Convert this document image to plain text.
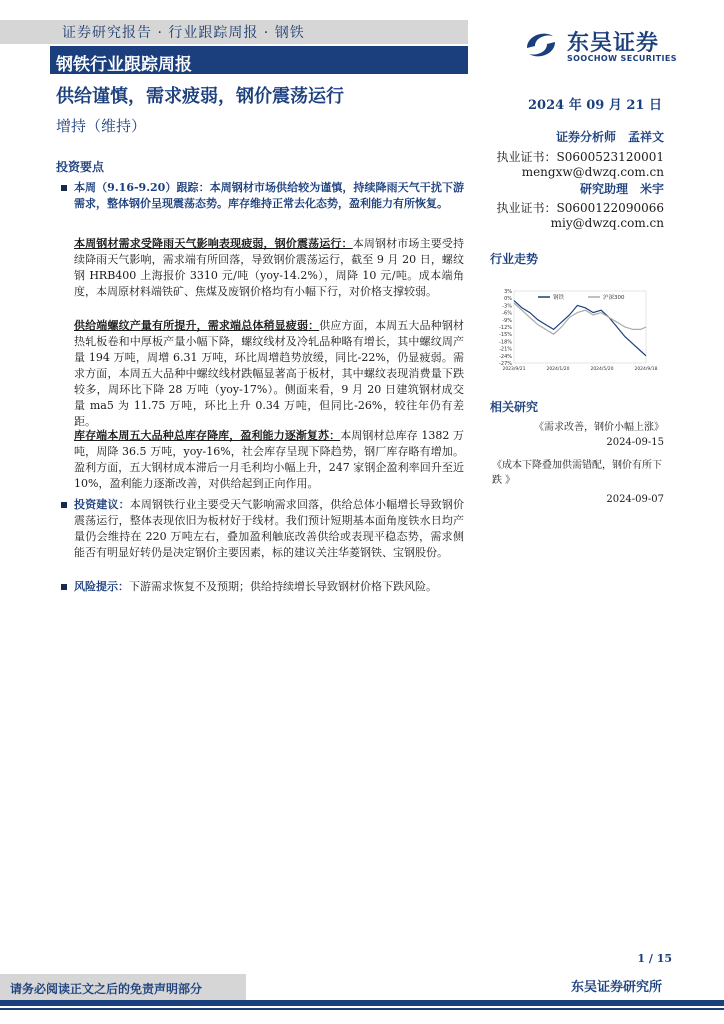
证券研究报告 · 行业跟踪周报 · 钢铁
钢铁行业跟踪周报
东吴证券
SOOCHOW SECURITIES
供给谨慎，需求疲弱，钢价震荡运行
增持（维持）
2024 年 09 月 21 日
证券分析师　孟祥文
执业证书：S0600523120001
mengxw@dwzq.com.cn
研究助理　米宇
执业证书：S0600122090066
miy@dwzq.com.cn
投资要点
本周（9.16-9.20）跟踪：本周钢材市场供给较为谨慎，持续降雨天气干扰下游需求，整体钢价呈现震荡态势。库存维持正常去化态势，盈利能力有所恢复。
本周钢材需求受降雨天气影响表现疲弱，钢价震荡运行：本周钢材市场主要受持续降雨天气影响，需求端有所回落，导致钢价震荡运行，截至 9 月 20 日，螺纹钢 HRB400 上海报价 3310 元/吨（yoy-14.2%），周降 10 元/吨。成本端角度，本周原材料端铁矿、焦煤及废钢价格均有小幅下行，对价格支撑较弱。
供给端螺纹产量有所提升，需求端总体稍显疲弱：供应方面，本周五大品种钢材热轧板卷和中厚板产量小幅下降，螺纹线材及冷轧品种略有增长，其中螺纹周产量 194 万吨，周增 6.31 万吨，环比周增趋势放缓，同比-22%，仍显疲弱。需求方面，本周五大品种中螺纹线材跌幅显著高于板材，其中螺纹表现消费量下跌较多，周环比下降 28 万吨（yoy-17%）。侧面来看，9 月 20 日建筑钢材成交量 ma5 为 11.75 万吨，环比上升 0.34 万吨，但同比-26%，较往年仍有差距。
库存端本周五大品种总库存降库，盈利能力逐渐复苏：本周钢材总库存 1382 万吨，周降 36.5 万吨，yoy-16%，社会库存呈现下降趋势，钢厂库存略有增加。盈利方面，五大钢材成本滞后一月毛利均小幅上升，247 家钢企盈利率回升至近 10%，盈利能力逐渐改善，对供给起到正向作用。
投资建议：本周钢铁行业主要受天气影响需求回落，供给总体小幅增长导致钢价震荡运行，整体表现依旧为板材好于线材。我们预计短期基本面角度铁水日均产量仍会维持在 220 万吨左右，叠加盈利触底改善供给或表现平稳态势，需求侧能否有明显好转仍是决定钢价主要因素，标的建议关注华菱钢铁、宝钢股份。
风险提示：下游需求恢复不及预期；供给持续增长导致钢材价格下跌风险。
行业走势
3%
0%
-3%
-6%
-9%
-12%
-15%
-18%
-21%
-24%
-27%
2023/9/21	2024/1/20	2024/5/20	2024/9/18
钢铁	沪深300
相关研究
《需求改善，钢价小幅上涨》
2024-09-15
《成本下降叠加供需错配，钢价有所下跌 》
2024-09-07
1 / 15
东吴证券研究所
请务必阅读正文之后的免责声明部分
